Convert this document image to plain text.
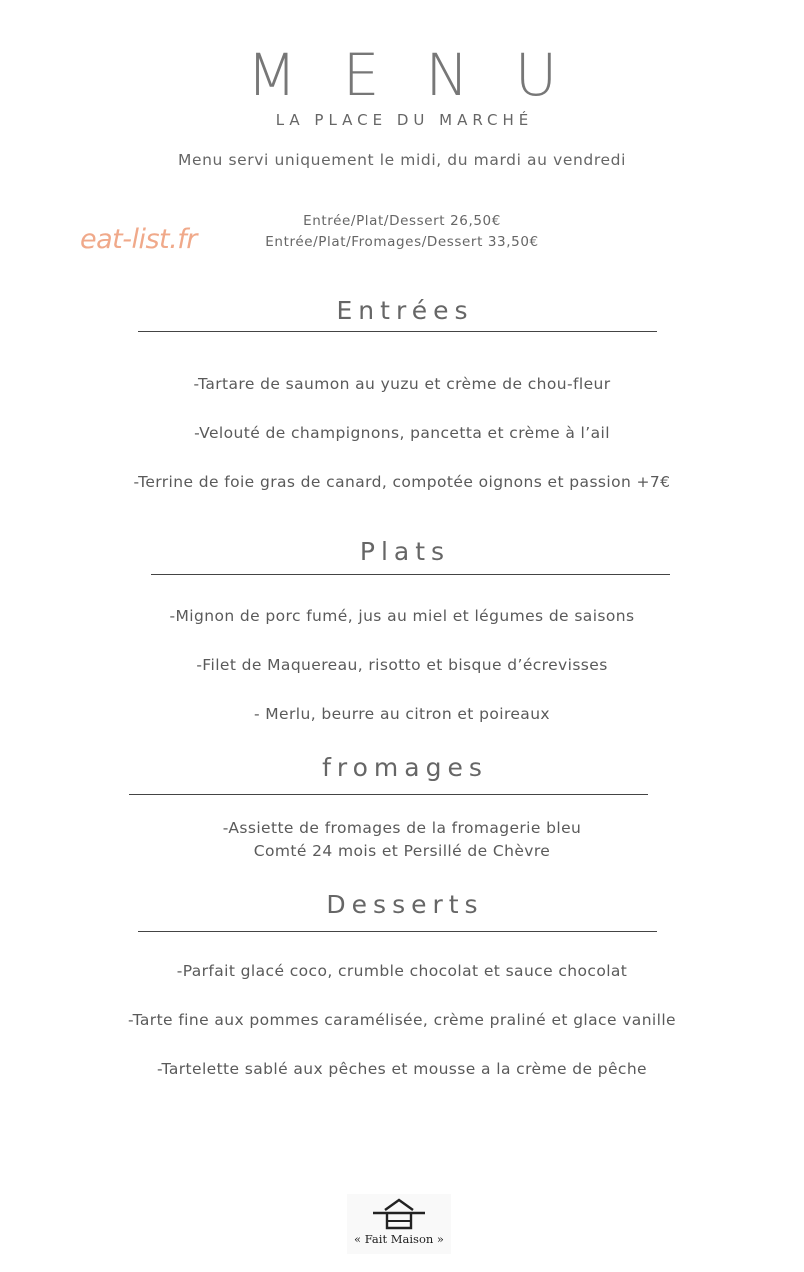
MENU
LA PLACE DU MARCHÉ
Menu servi uniquement le midi, du mardi au vendredi
Entrée/Plat/Dessert 26,50€
Entrée/Plat/Fromages/Dessert 33,50€
eat-list.fr
Entrées
-Tartare de saumon au yuzu et crème de chou-fleur
-Velouté de champignons, pancetta et crème à l’ail
-Terrine de foie gras de canard, compotée oignons et passion +7€
Plats
-Mignon de porc fumé, jus au miel et légumes de saisons
-Filet de Maquereau, risotto et bisque d’écrevisses
- Merlu, beurre au citron et poireaux
fromages
-Assiette de fromages de la fromagerie bleu
Comté 24 mois et Persillé de Chèvre
Desserts
-Parfait glacé coco, crumble chocolat et sauce chocolat
-Tarte fine aux pommes caramélisée, crème praliné et glace vanille
-Tartelette sablé aux pêches et mousse a la crème de pêche
« Fait Maison »
